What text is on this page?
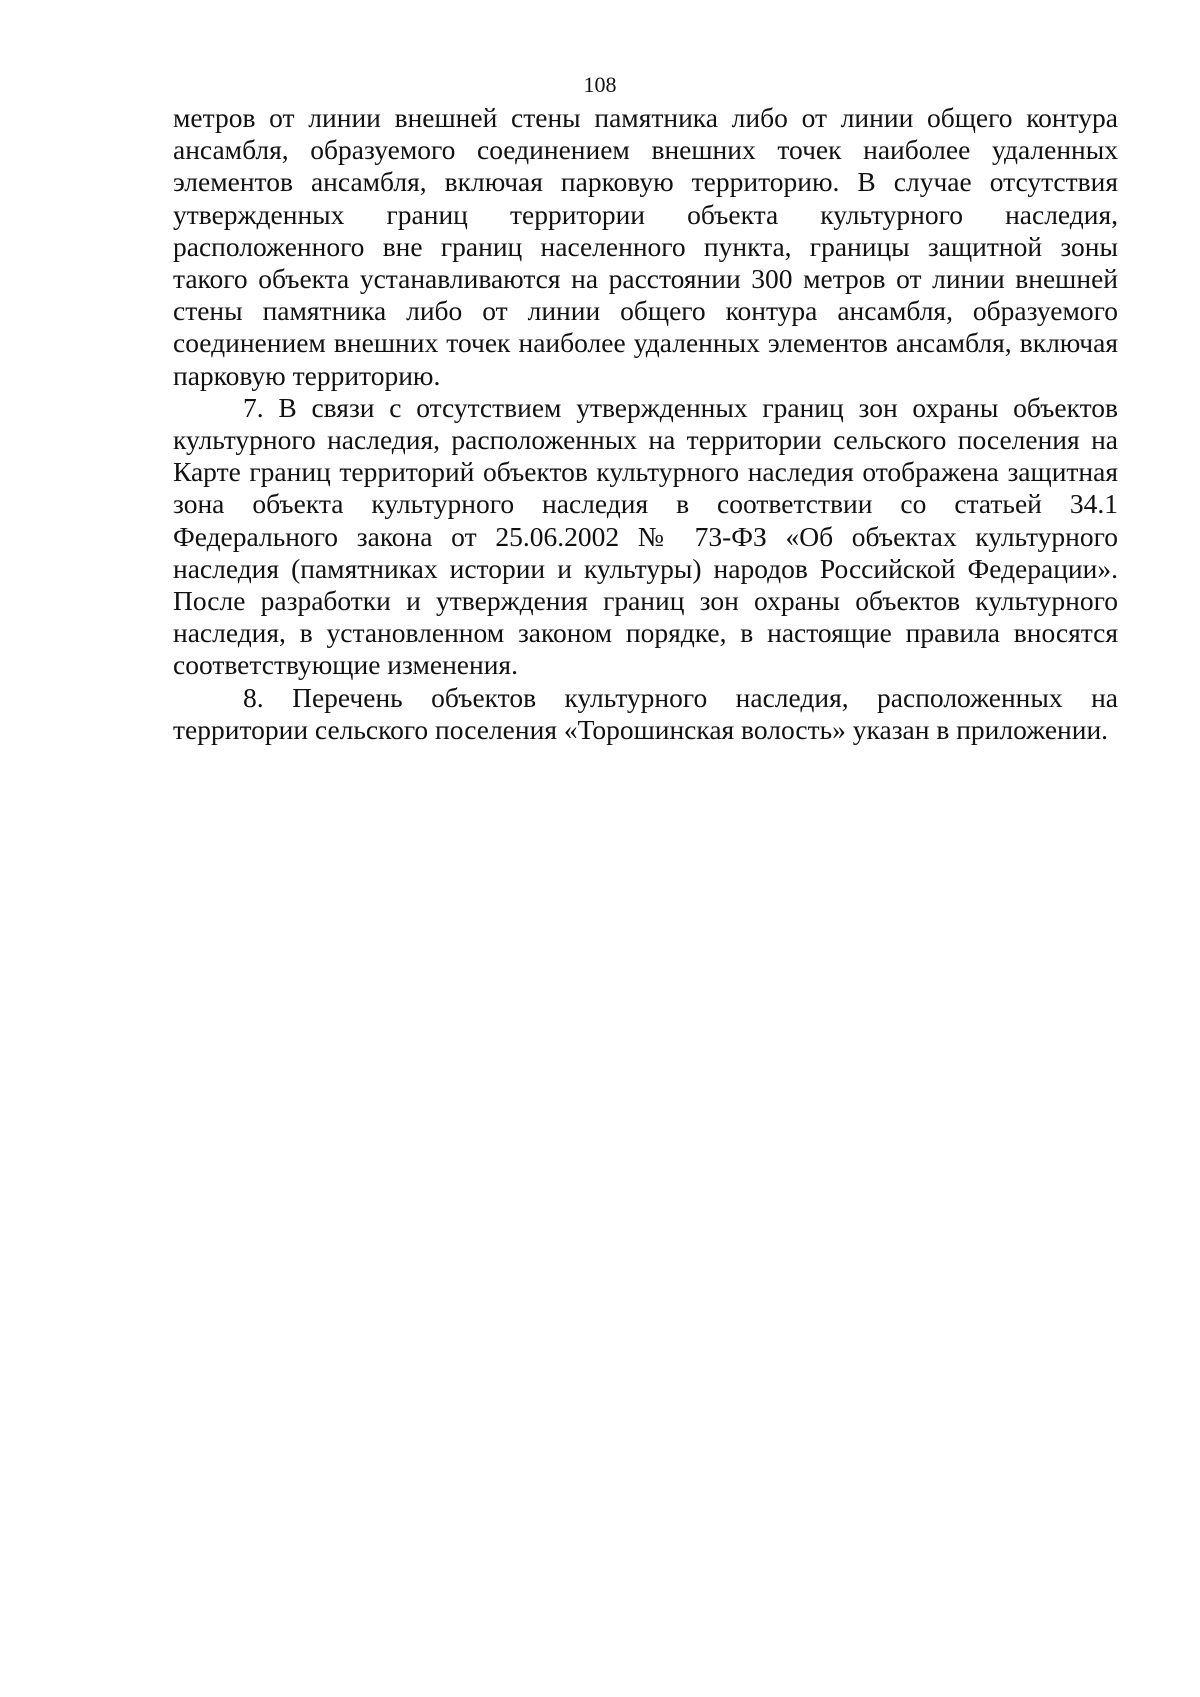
108

метров от линии внешней стены памятника либо от линии общего контура ансамбля, образуемого соединением внешних точек наиболее удаленных элементов ансамбля, включая парковую территорию. В случае отсутствия утвержденных границ территории объекта культурного наследия, расположенного вне границ населенного пункта, границы защитной зоны такого объекта устанавливаются на расстоянии 300 метров от линии внешней стены памятника либо от линии общего контура ансамбля, образуемого соединением внешних точек наиболее удаленных элементов ансамбля, включая парковую территорию.

7. В связи с отсутствием утвержденных границ зон охраны объектов культурного наследия, расположенных на территории сельского поселения на Карте границ территорий объектов культурного наследия отображена защитная зона объекта культурного наследия в соответствии со статьей 34.1 Федерального закона от 25.06.2002 № 73-ФЗ «Об объектах культурного наследия (памятниках истории и культуры) народов Российской Федерации». После разработки и утверждения границ зон охраны объектов культурного наследия, в установленном законом порядке, в настоящие правила вносятся соответствующие изменения.

8. Перечень объектов культурного наследия, расположенных на территории сельского поселения «Торошинская волость» указан в приложении.
